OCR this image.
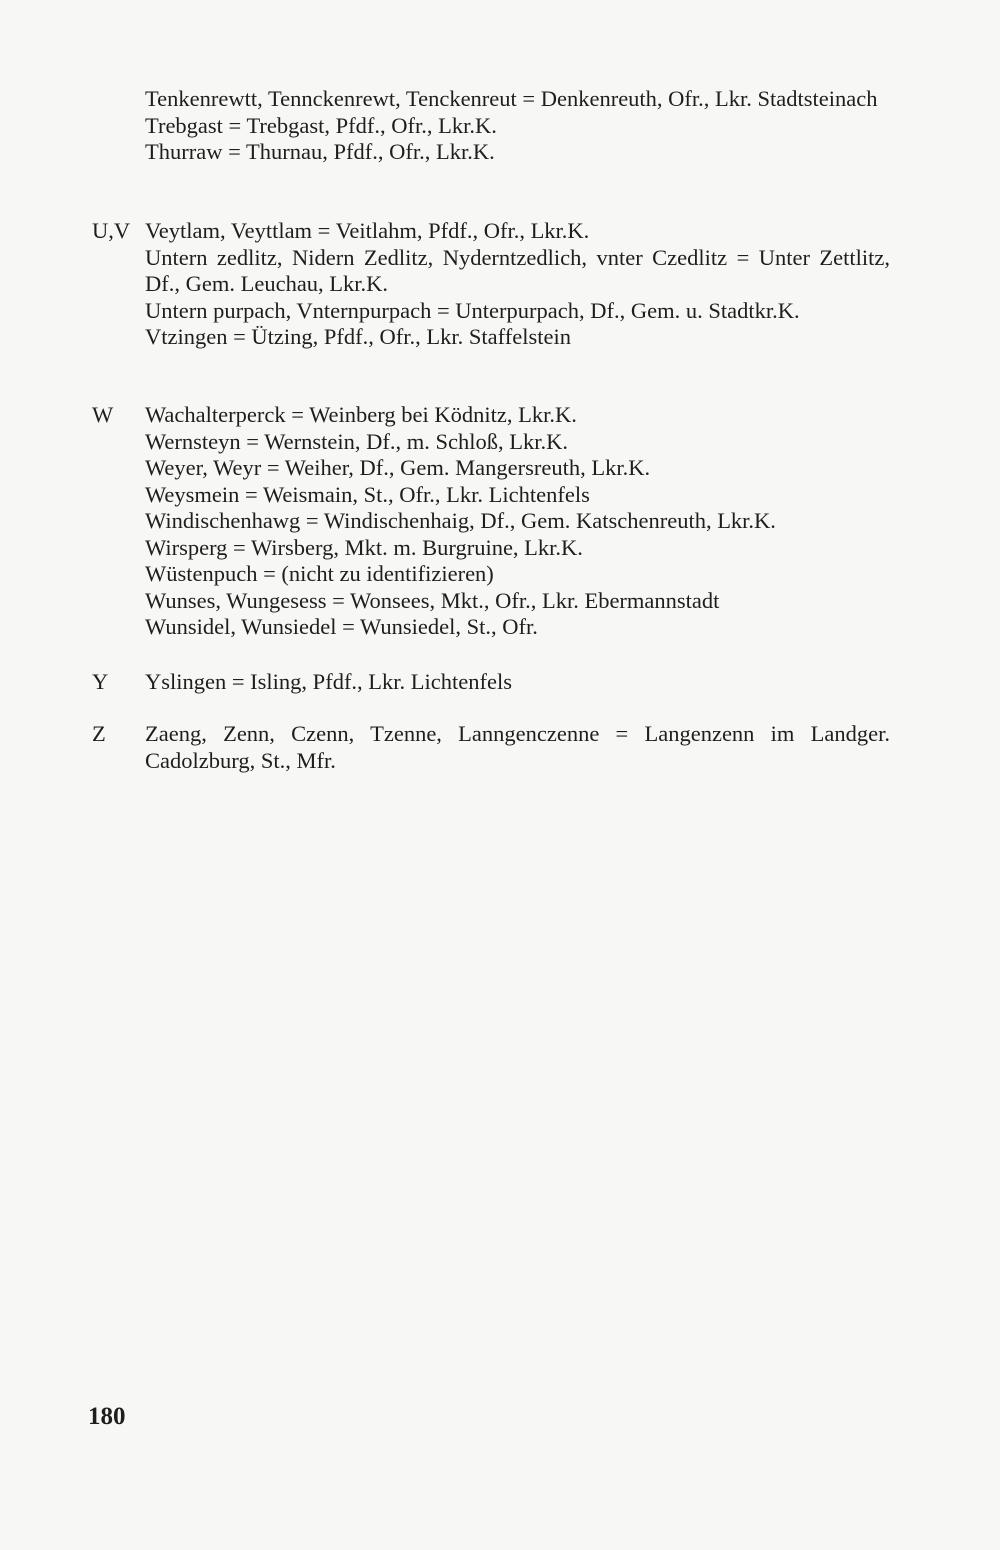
Tenkenrewtt, Tennckenrewt, Tenckenreut = Denkenreuth, Ofr., Lkr. Stadtsteinach
Trebgast = Trebgast, Pfdf., Ofr., Lkr.K.
Thurraw = Thurnau, Pfdf., Ofr., Lkr.K.
U,V Veytlam, Veyttlam = Veitlahm, Pfdf., Ofr., Lkr.K.
Untern zedlitz, Nidern Zedlitz, Nyderntzedlich, vnter Czedlitz = Unter Zettlitz, Df., Gem. Leuchau, Lkr.K.
Untern purpach, Vnternpurpach = Unterpurpach, Df., Gem. u. Stadtkr.K.
Vtzingen = Ützing, Pfdf., Ofr., Lkr. Staffelstein
W Wachalterperck = Weinberg bei Ködnitz, Lkr.K.
Wernsteyn = Wernstein, Df., m. Schloß, Lkr.K.
Weyer, Weyr = Weiher, Df., Gem. Mangersreuth, Lkr.K.
Weysmein = Weismain, St., Ofr., Lkr. Lichtenfels
Windischenhawg = Windischenhaig, Df., Gem. Katschenreuth, Lkr.K.
Wirsperg = Wirsberg, Mkt. m. Burgruine, Lkr.K.
Wüstenpuch = (nicht zu identifizieren)
Wunses, Wungesess = Wonsees, Mkt., Ofr., Lkr. Ebermannstadt
Wunsidel, Wunsiedel = Wunsiedel, St., Ofr.
Y Yslingen = Isling, Pfdf., Lkr. Lichtenfels
Z Zaeng, Zenn, Czenn, Tzenne, Lanngenczenne = Langenzenn im Landger. Cadolzburg, St., Mfr.
180
